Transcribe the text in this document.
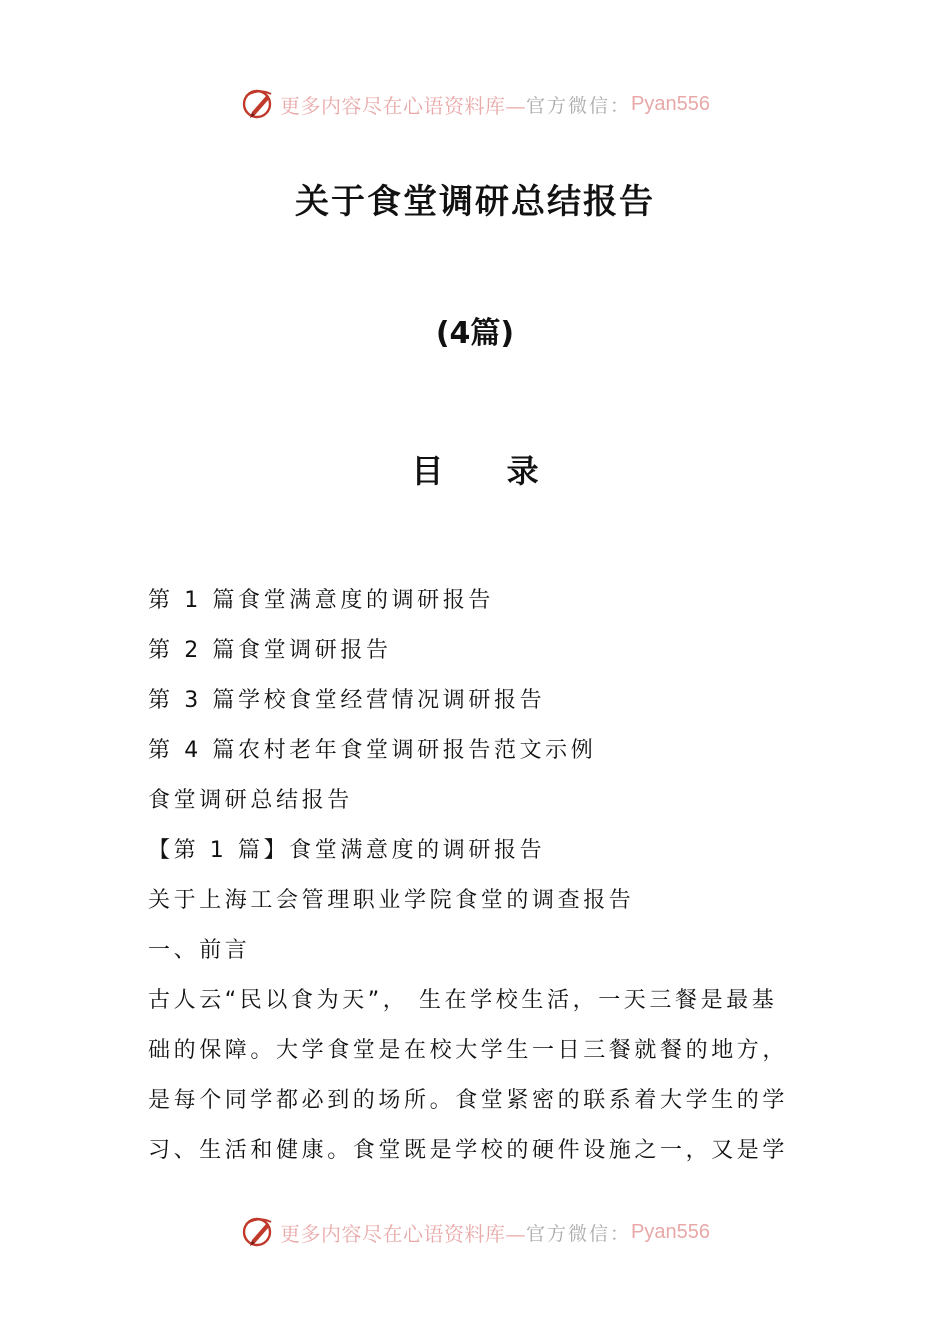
更多内容尽在心语资料库— 官方微信： Pyan556
关于食堂调研总结报告
(4篇)
目 录
第 1 篇食堂满意度的调研报告
第 2 篇食堂调研报告
第 3 篇学校食堂经营情况调研报告
第 4 篇农村老年食堂调研报告范文示例
食堂调研总结报告
【第 1 篇】食堂满意度的调研报告
关于上海工会管理职业学院食堂的调查报告
一、前言
古人云“民以食为天”， 生在学校生活，一天三餐是最基
础的保障。大学食堂是在校大学生一日三餐就餐的地方，
是每个同学都必到的场所。食堂紧密的联系着大学生的学
习、生活和健康。食堂既是学校的硬件设施之一，又是学
更多内容尽在心语资料库— 官方微信： Pyan556
